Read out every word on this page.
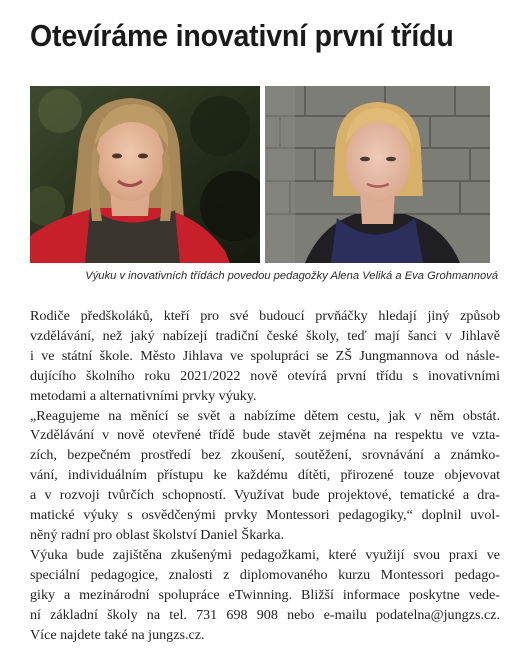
Otevíráme inovativní první třídu
Výuku v inovativních třídách povedou pedagožky Alena Veliká a Eva Grohmannová
Rodiče předškoláků, kteří pro své budoucí prvňáčky hledají jiný způsob
vzdělávání, než jaký nabízejí tradiční české školy, teď mají šanci v Jihlavě
i ve státní škole. Město Jihlava ve spolupráci se ZŠ Jungmannova od násle-
dujícího školního roku 2021/2022 nově otevírá první třídu s inovativními
metodami a alternativními prvky výuky.
„Reagujeme na měnící se svět a nabízíme dětem cestu, jak v něm obstát.
Vzdělávání v nově otevřené třídě bude stavět zejména na respektu ve vzta-
zích, bezpečném prostředí bez zkoušení, soutěžení, srovnávání a známko-
vání, individuálním přístupu ke každému dítěti, přirozené touze objevovat
a v rozvoji tvůrčích schopností. Využívat bude projektové, tematické a dra-
matické výuky s osvědčenými prvky Montessori pedagogiky,“ doplnil uvol-
něný radní pro oblast školství Daniel Škarka.
Výuka bude zajištěna zkušenými pedagožkami, které využijí svou praxi ve
speciální pedagogice, znalosti z diplomovaného kurzu Montessori pedago-
giky a mezinárodní spolupráce eTwinning. Bližší informace poskytne vede-
ní základní školy na tel. 731 698 908 nebo e-mailu podatelna@jungzs.cz.
Více najdete také na jungzs.cz.
